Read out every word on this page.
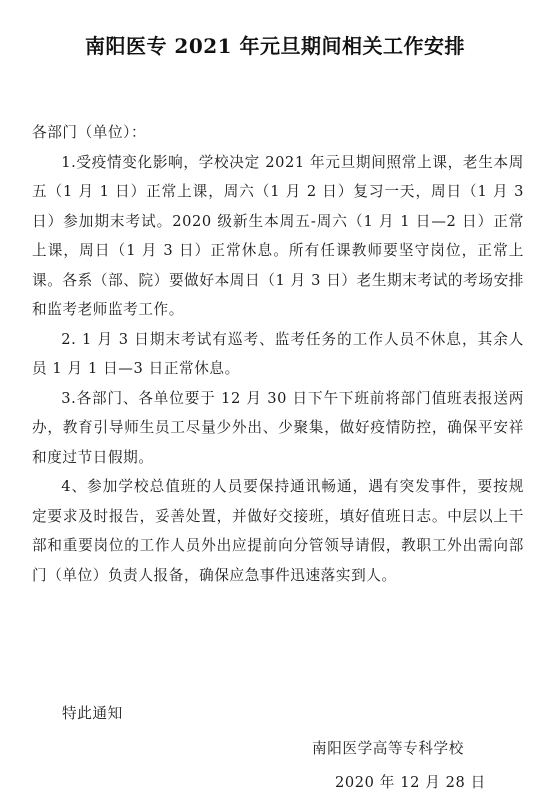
南阳医专 2021 年元旦期间相关工作安排

各部门（单位）：

1.受疫情变化影响，学校决定 2021 年元旦期间照常上课，老生本周五（1 月 1 日）正常上课，周六（1 月 2 日）复习一天，周日（1 月 3 日）参加期末考试。2020 级新生本周五-周六（1 月 1 日—2 日）正常上课，周日（1 月 3 日）正常休息。所有任课教师要坚守岗位，正常上课。各系（部、院）要做好本周日（1 月 3 日）老生期末考试的考场安排和监考老师监考工作。

2. 1 月 3 日期末考试有巡考、监考任务的工作人员不休息，其余人员 1 月 1 日—3 日正常休息。

3.各部门、各单位要于 12 月 30 日下午下班前将部门值班表报送两办，教育引导师生员工尽量少外出、少聚集，做好疫情防控，确保平安祥和度过节日假期。

4、参加学校总值班的人员要保持通讯畅通，遇有突发事件，要按规定要求及时报告，妥善处置，并做好交接班，填好值班日志。中层以上干部和重要岗位的工作人员外出应提前向分管领导请假，教职工外出需向部门（单位）负责人报备，确保应急事件迅速落实到人。

特此通知
南阳医学高等专科学校
2020 年 12 月 28 日
